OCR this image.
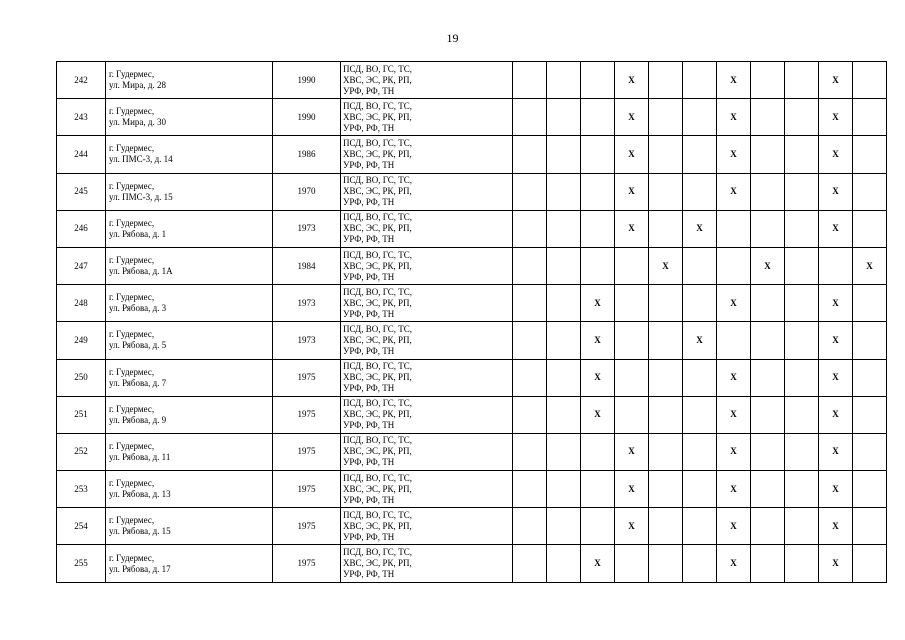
19
242	г. Гудермес,
ул. Мира, д. 28	1990	ПСД, ВО, ГС, ТС,
ХВС, ЭС, РК, РП,
УРФ, РФ, ТН				X			X			X	
243	г. Гудермес,
ул. Мира, д. 30	1990	ПСД, ВО, ГС, ТС,
ХВС, ЭС, РК, РП,
УРФ, РФ, ТН				X			X			X	
244	г. Гудермес,
ул. ПМС-3, д. 14	1986	ПСД, ВО, ГС, ТС,
ХВС, ЭС, РК, РП,
УРФ, РФ, ТН				X			X			X	
245	г. Гудермес,
ул. ПМС-3, д. 15	1970	ПСД, ВО, ГС, ТС,
ХВС, ЭС, РК, РП,
УРФ, РФ, ТН				X			X			X	
246	г. Гудермес,
ул. Рябова, д. 1	1973	ПСД, ВО, ГС, ТС,
ХВС, ЭС, РК, РП,
УРФ, РФ, ТН				X		X				X	
247	г. Гудермес,
ул. Рябова, д. 1А	1984	ПСД, ВО, ГС, ТС,
ХВС, ЭС, РК, РП,
УРФ, РФ, ТН					X			X			X
248	г. Гудермес,
ул. Рябова, д. 3	1973	ПСД, ВО, ГС, ТС,
ХВС, ЭС, РК, РП,
УРФ, РФ, ТН			X				X			X	
249	г. Гудермес,
ул. Рябова, д. 5	1973	ПСД, ВО, ГС, ТС,
ХВС, ЭС, РК, РП,
УРФ, РФ, ТН			X			X				X	
250	г. Гудермес,
ул. Рябова, д. 7	1975	ПСД, ВО, ГС, ТС,
ХВС, ЭС, РК, РП,
УРФ, РФ, ТН			X				X			X	
251	г. Гудермес,
ул. Рябова, д. 9	1975	ПСД, ВО, ГС, ТС,
ХВС, ЭС, РК, РП,
УРФ, РФ, ТН			X				X			X	
252	г. Гудермес,
ул. Рябова, д. 11	1975	ПСД, ВО, ГС, ТС,
ХВС, ЭС, РК, РП,
УРФ, РФ, ТН				X			X			X	
253	г. Гудермес,
ул. Рябова, д. 13	1975	ПСД, ВО, ГС, ТС,
ХВС, ЭС, РК, РП,
УРФ, РФ, ТН				X			X			X	
254	г. Гудермес,
ул. Рябова, д. 15	1975	ПСД, ВО, ГС, ТС,
ХВС, ЭС, РК, РП,
УРФ, РФ, ТН				X			X			X	
255	г. Гудермес,
ул. Рябова, д. 17	1975	ПСД, ВО, ГС, ТС,
ХВС, ЭС, РК, РП,
УРФ, РФ, ТН			X				X			X	
